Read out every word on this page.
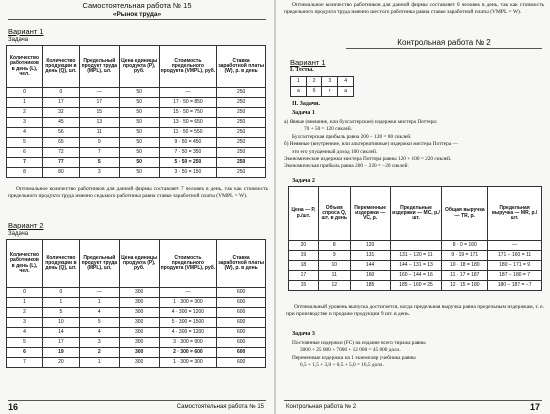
Самостоятельная работа № 15
«Рынок труда»
Вариант 1
Задача
Количество работников в день (L), чел.	Количество продукции в день (Q), шт.	Предельный продукт труда (MPL), шт.	Цена единицы продукта (P), руб.	Стоимость предельного продукта (VMPL), руб.	Ставка заработной платы (W), р. в день
0	0	—	50	—	250
1	17	17	50	17 · 50 = 850	250
2	32	15	50	15 · 50 = 750	250
3	45	13	50	13 · 50 = 650	250
4	56	11	50	11 · 50 = 550	250
5	65	9	50	9 · 50 = 450	250
6	72	7	50	7 · 50 = 350	250
7	77	5	50	5 · 50 = 250	250
8	80	3	50	3 · 50 = 150	250
Оптимальное количество работников для данной фирмы составляет 7 человек в день, так как стоимость предельного продукта труда именно седьмого работника равна ставке заработной платы (VMPL = W).
Вариант 2
Задача
Количество работников в день (L), чел.	Количество продукции в день (Q), шт.	Предельный продукт труда (MPL), шт.	Цена единицы продукта (P), руб.	Стоимость предельного продукта (VMPL), руб.	Ставка заработной платы (W), р. в день
0	0	—	300	—	600
1	1	1	300	1 · 300 = 300	600
2	5	4	300	4 · 300 = 1200	600
3	10	5	300	5 · 300 = 1500	600
4	14	4	300	4 · 300 = 1200	600
5	17	3	300	3 · 300 = 900	600
6	19	2	300	2 · 300 = 600	600
7	20	1	300	1 · 300 = 300	600
16	Самостоятельная работа № 15
Оптимальное количество работников для данной фирмы составляет 6 человек в день, так как стоимость предельного продукта труда именно шестого работника равна ставке заработной платы (VMPL = W).
Контрольная работа № 2
Вариант 1
I. Тесты.
1	2	3	4
а	б	г	а
II. Задачи.
Задача 1
а) Явные (внешние, или бухгалтерские) издержки мистера Поттера:
70 + 50 = 120 сиклей.
Бухгалтерская прибыль равна 200 − 120 = 80 сиклей.
б) Неявные (внутренние, или альтернативные) издержки мистера Поттера —
это его упущенный доход 100 сиклей.
Экономические издержки мистера Поттера равны 120 + 100 = 220 сиклей.
Экономическая прибыль равна 200 − 220 = −20 сиклей.
Задача 2
Цена — P, р./шт.	Объем спроса Q, шт. в день	Переменные издержки — VC, р.	Предельные издержки — MC, р./шт.	Общая выручка — TR, р.	Предельная выручка — MR, р./шт.
20	8	120		8 · 0 = 160	—
19	9	131	131 − 120 = 11	9 · 19 = 171	171 − 160 = 11
18	10	144	144 − 131 = 13	10 · 18 = 180	180 − 171 = 9
17	11	160	160 − 144 = 16	11 · 17 = 187	187 − 180 = 7
15	12	185	185 − 160 = 25	12 · 15 = 180	180 − 187 = −7
Оптимальный уровень выпуска достигается, когда предельная выручка равна предельным издержкам, т. е. при производстве и продаже продукции 9 шт. в день.
Задача 3
Постоянные издержки (FC) на издание всего тиража равны
3000 + 25 000 + 7000 + 12 000 = 45 000 долл.
Переменные издержки на 1 экземпляр учебника равны
6,5 + 1,5 + 3,0 + 0,5 + 5,0 = 16,5 долл.
Контрольная работа № 2	17
